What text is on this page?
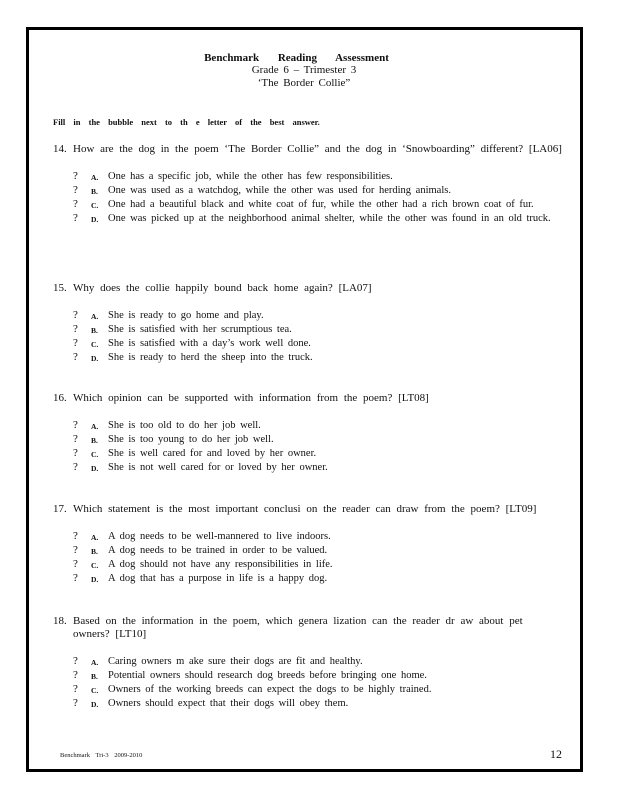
Benchmark Reading Assessment
Grade 6 – Trimester 3
‘The Border Collie”
Fill in the bubble next to th e letter of the best answer.
14. How are the dog in the poem ‘The Border Collie” and the dog in ‘Snowboarding” different? [LA06]
?	A. One has a specific job, while the other has few responsibilities.
?	B. One was used as a watchdog, while the other was used for herding animals.
?	C. One had a beautiful black and white coat of fur, while the other had a rich brown coat of fur.
?	D. One was picked up at the neighborhood animal shelter, while the other was found in an old truck.
15. Why does the collie happily bound back home again? [LA07]
?	A. She is ready to go home and play.
?	B. She is satisfied with her scrumptious tea.
?	C. She is satisfied with a day’s work well done.
?	D. She is ready to herd the sheep into the truck.
16. Which opinion can be supported with information from the poem? [LT08]
?	A. She is too old to do her job well.
?	B. She is too young to do her job well.
?	C. She is well cared for and loved by her owner.
?	D. She is not well cared for or loved by her owner.
17. Which statement is the most important conclusi on the reader can draw from the poem? [LT09]
?	A. A dog needs to be well-mannered to live indoors.
?	B. A dog needs to be trained in order to be valued.
?	C. A dog should not have any responsibilities in life.
?	D. A dog that has a purpose in life is a happy dog.
18. Based on the information in the poem, which genera lization can the reader dr aw about pet owners? [LT10]
?	A. Caring owners m ake sure their dogs are fit and healthy.
?	B. Potential owners should research dog breeds before bringing one home.
?	C. Owners of the working breeds can expect the dogs to be highly trained.
?	D. Owners should expect that their dogs will obey them.
Benchmark Tri-3 2009-2010	12
